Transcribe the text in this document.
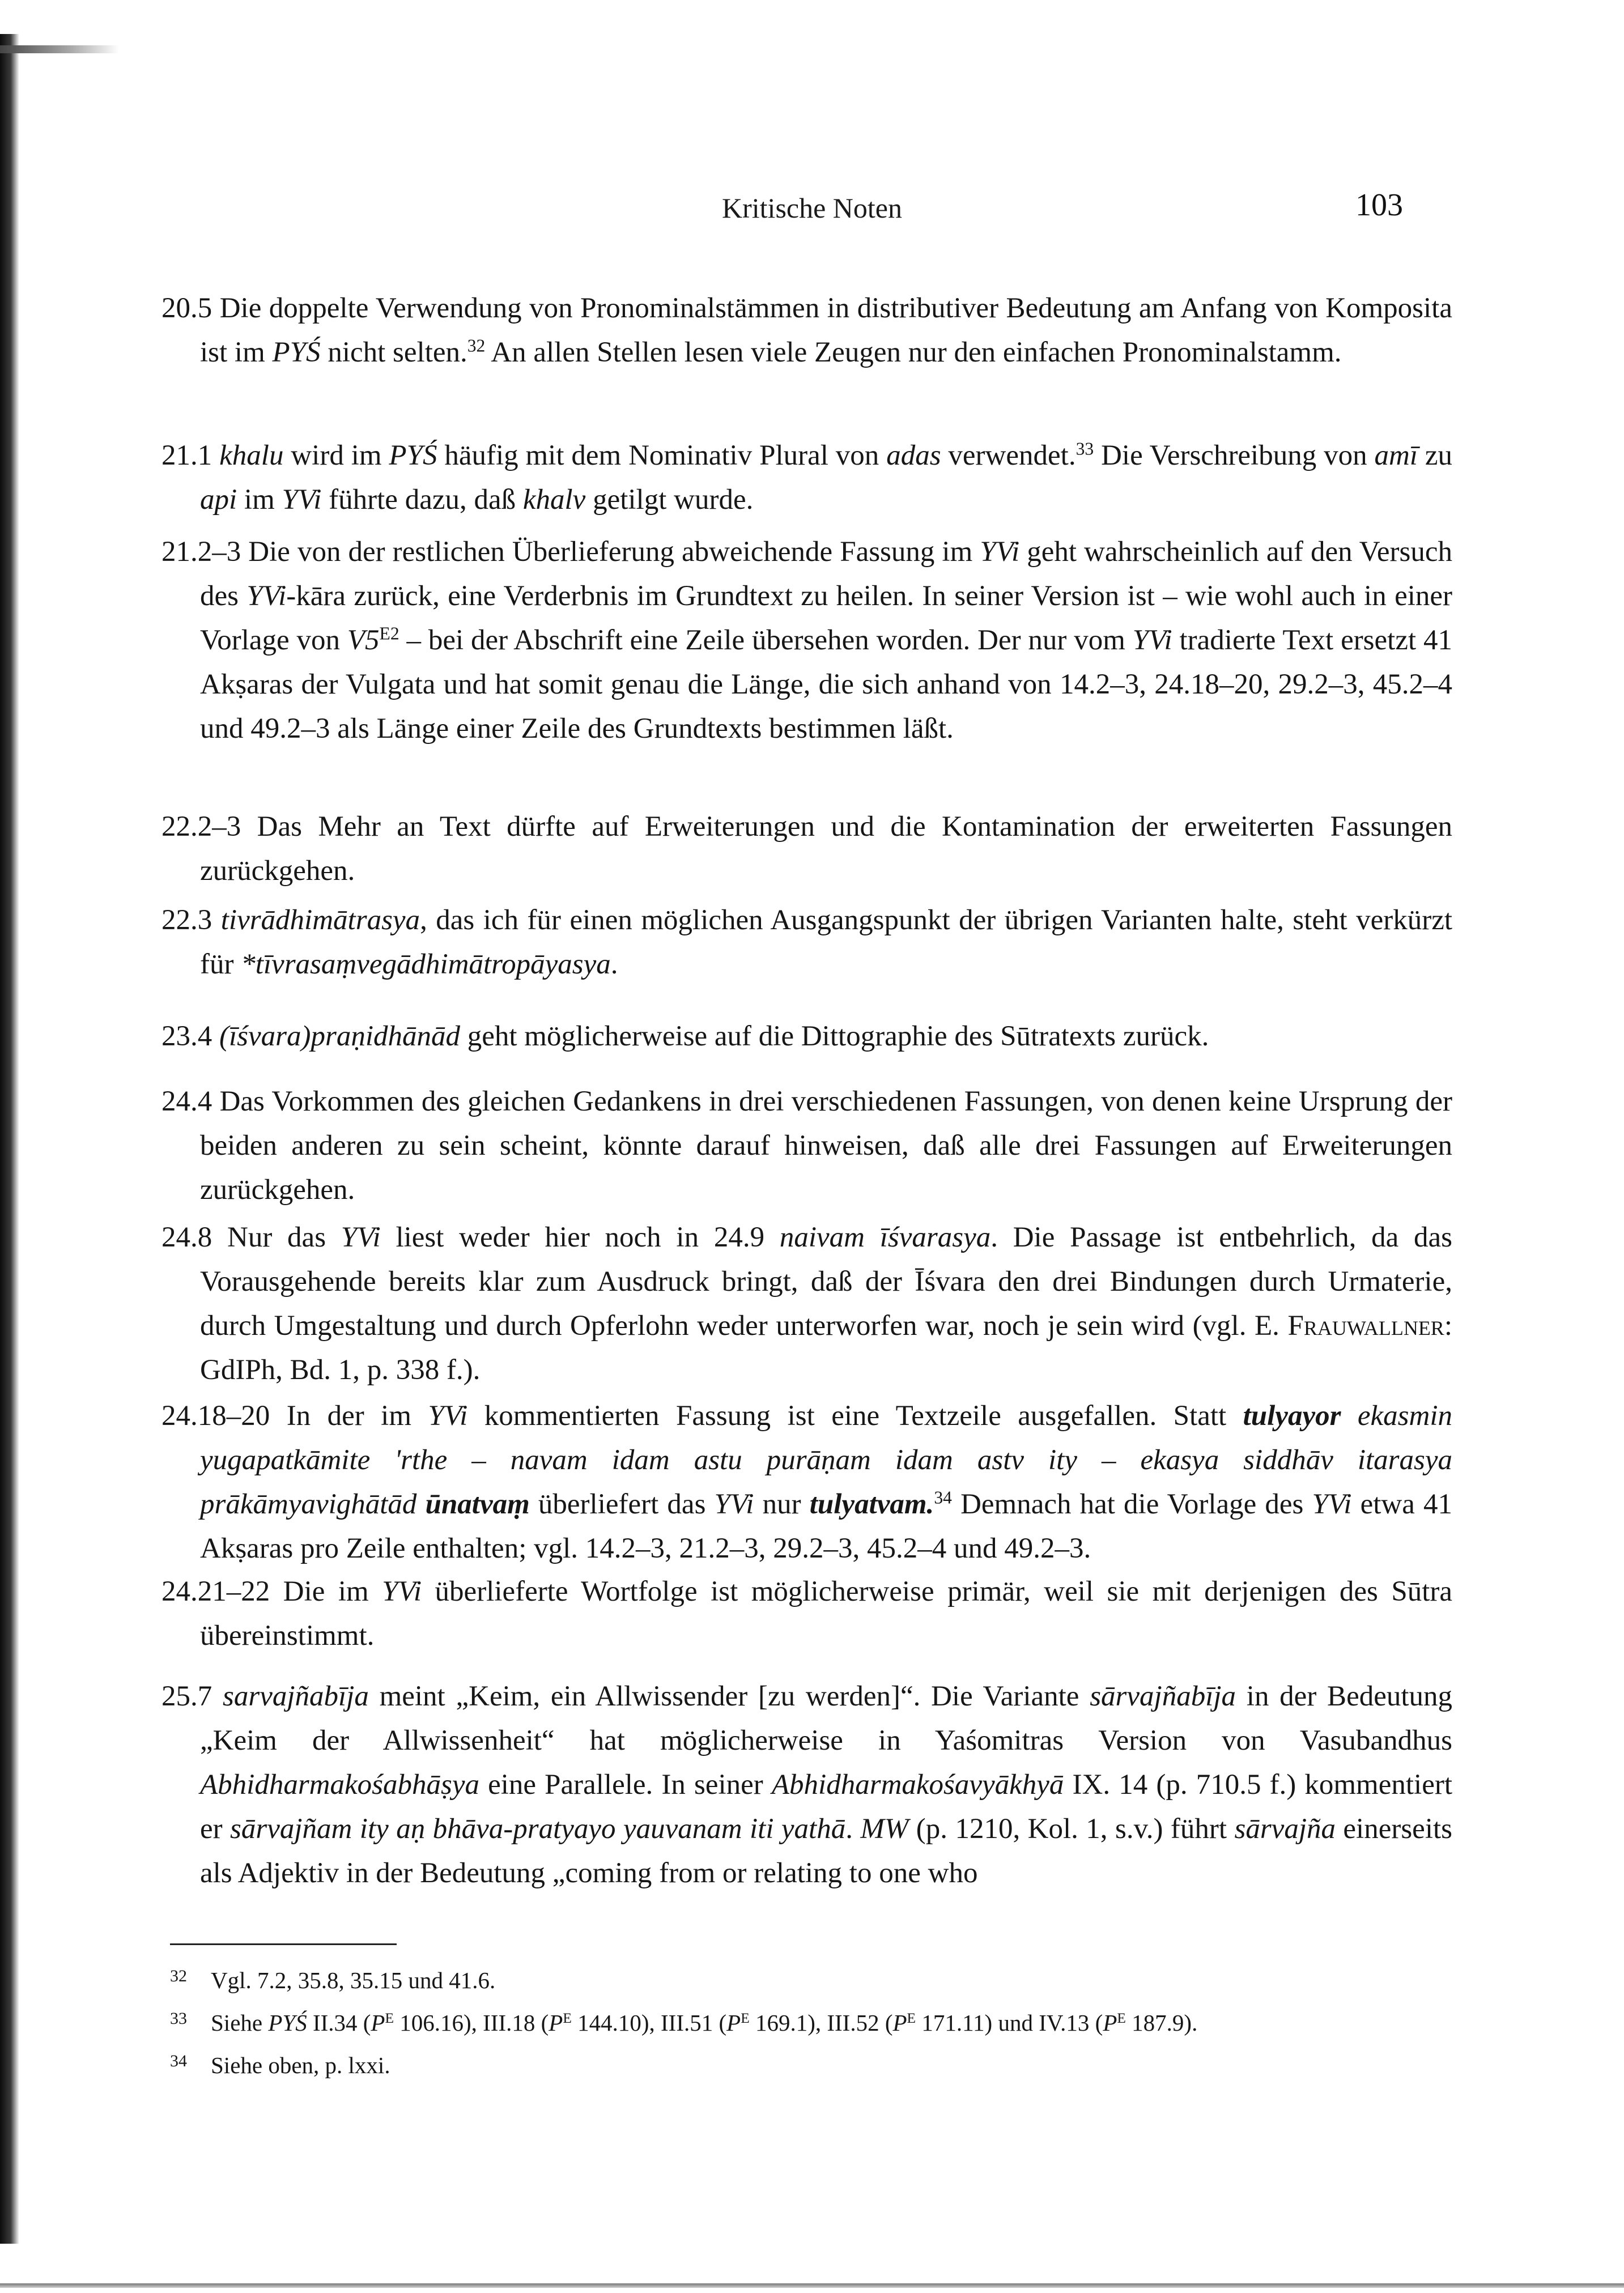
Kritische Noten	103
20.5 Die doppelte Verwendung von Pronominalstämmen in distributiver Bedeutung am Anfang von Komposita ist im PYŚ nicht selten.$^{32}$ An allen Stellen lesen viele Zeugen nur den einfachen Pronominalstamm.
21.1 khalu wird im PYŚ häufig mit dem Nominativ Plural von adas verwendet.$^{33}$ Die Verschreibung von amī zu api im YVi führte dazu, daß khalv getilgt wurde.
21.2–3 Die von der restlichen Überlieferung abweichende Fassung im YVi geht wahrscheinlich auf den Versuch des YVi-kāra zurück, eine Verderbnis im Grundtext zu heilen. In seiner Version ist – wie wohl auch in einer Vorlage von $V5^{E2}$ – bei der Abschrift eine Zeile übersehen worden. Der nur vom YVi tradierte Text ersetzt 41 Akṣaras der Vulgata und hat somit genau die Länge, die sich anhand von 14.2–3, 24.18–20, 29.2–3, 45.2–4 und 49.2–3 als Länge einer Zeile des Grundtexts bestimmen läßt.
22.2–3 Das Mehr an Text dürfte auf Erweiterungen und die Kontamination der erweiterten Fassungen zurückgehen.
22.3 tivrādhimātrasya, das ich für einen möglichen Ausgangspunkt der übrigen Varianten halte, steht verkürzt für *tīvrasaṃvegādhimātropāyasya.
23.4 (īśvara)praṇidhānād geht möglicherweise auf die Dittographie des Sūtratexts zurück.
24.4 Das Vorkommen des gleichen Gedankens in drei verschiedenen Fassungen, von denen keine Ursprung der beiden anderen zu sein scheint, könnte darauf hinweisen, daß alle drei Fassungen auf Erweiterungen zurückgehen.
24.8 Nur das YVi liest weder hier noch in 24.9 naivam īśvarasya. Die Passage ist entbehrlich, da das Vorausgehende bereits klar zum Ausdruck bringt, daß der Īśvara den drei Bindungen durch Urmaterie, durch Umgestaltung und durch Opferlohn weder unterworfen war, noch je sein wird (vgl. E. Frauwallner: GdIPh, Bd. 1, p. 338 f.).
24.18–20 In der im YVi kommentierten Fassung ist eine Textzeile ausgefallen. Statt tulyayor ekasmin yugapatkāmite 'rthe – navam idam astu purāṇam idam astv ity – ekasya siddhāv itarasya prākāmyavighātād ūnatvaṃ überliefert das YVi nur tulyatvam.$^{34}$ Demnach hat die Vorlage des YVi etwa 41 Akṣaras pro Zeile enthalten; vgl. 14.2–3, 21.2–3, 29.2–3, 45.2–4 und 49.2–3.
24.21–22 Die im YVi überlieferte Wortfolge ist möglicherweise primär, weil sie mit derjenigen des Sūtra übereinstimmt.
25.7 sarvajñabīja meint „Keim, ein Allwissender [zu werden]“. Die Variante sārvajñabīja in der Bedeutung „Keim der Allwissenheit“ hat möglicherweise in Yaśomitras Version von Vasubandhus Abhidharmakośabhāṣya eine Parallele. In seiner Abhidharmakośavyākhyā IX. 14 (p. 710.5 f.) kommentiert er sārvajñam ity aṇ bhāva-pratyayo yauvanam iti yathā. MW (p. 1210, Kol. 1, s.v.) führt sārvajña einerseits als Adjektiv in der Bedeutung „coming from or relating to one who
32 Vgl. 7.2, 35.8, 35.15 und 41.6.
33 Siehe PYŚ II.34 ($P^E$ 106.16), III.18 ($P^E$ 144.10), III.51 ($P^E$ 169.1), III.52 ($P^E$ 171.11) und IV.13 ($P^E$ 187.9).
34 Siehe oben, p. lxxi.
